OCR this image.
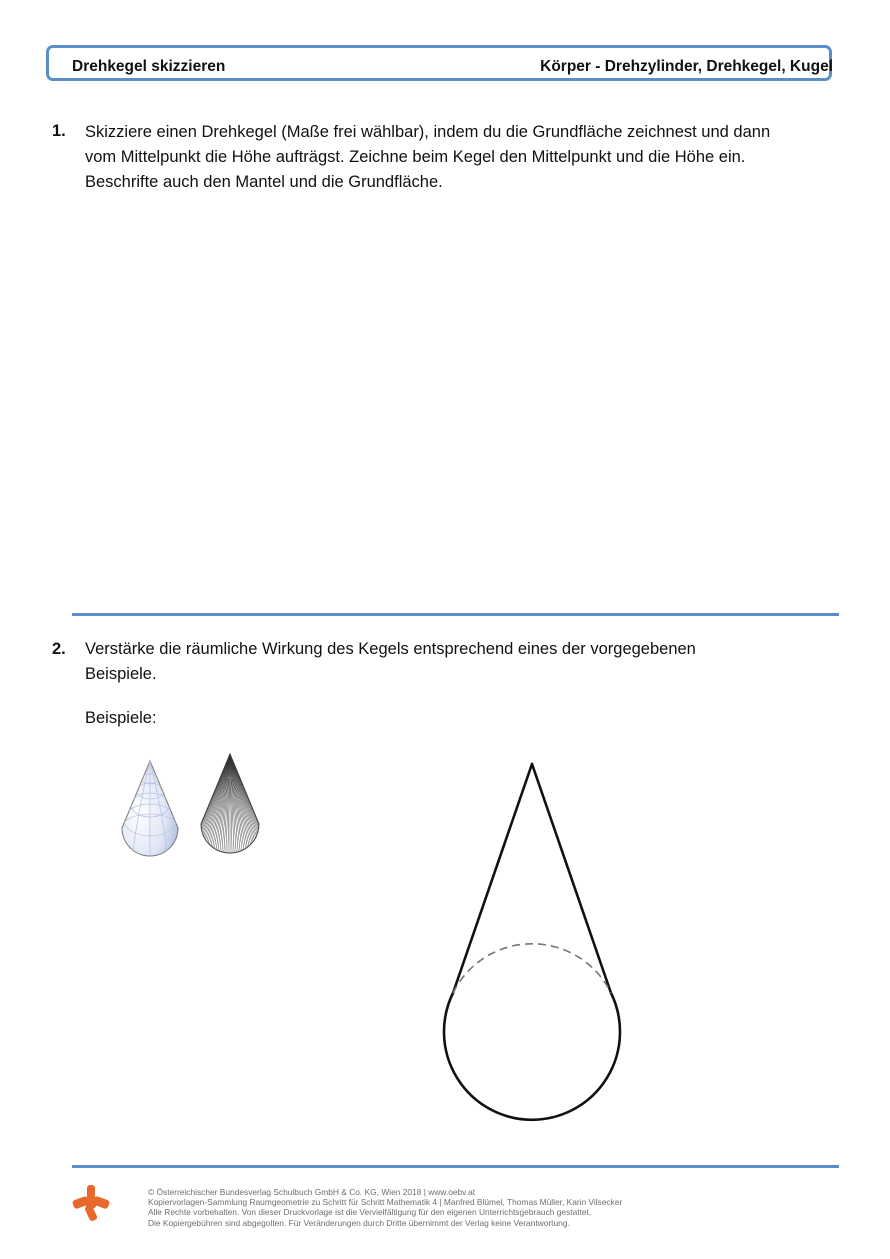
Drehkegel skizzieren	Körper - Drehzylinder, Drehkegel, Kugel
1. Skizziere einen Drehkegel (Maße frei wählbar), indem du die Grundfläche zeichnest und dann

vom Mittelpunkt die Höhe aufträgst. Zeichne beim Kegel den Mittelpunkt und die Höhe ein.

Beschrifte auch den Mantel und die Grundfläche.

2. Verstärke die räumliche Wirkung des Kegels entsprechend eines der vorgegebenen

Beispiele.

Beispiele:
© Österreichischer Bundesverlag Schulbuch GmbH & Co. KG, Wien 2018 | www.oebv.at
Kopiervorlagen-Sammlung Raumgeometrie zu Schritt für Schritt Mathematik 4 | Manfred Blümel, Thomas Müller, Karin Vilsecker
Alle Rechte vorbehalten. Von dieser Druckvorlage ist die Vervielfältigung für den eigenen Unterrichtsgebrauch gestattet.
Die Kopiergebühren sind abgegolten. Für Veränderungen durch Dritte übernimmt der Verlag keine Verantwortung.
